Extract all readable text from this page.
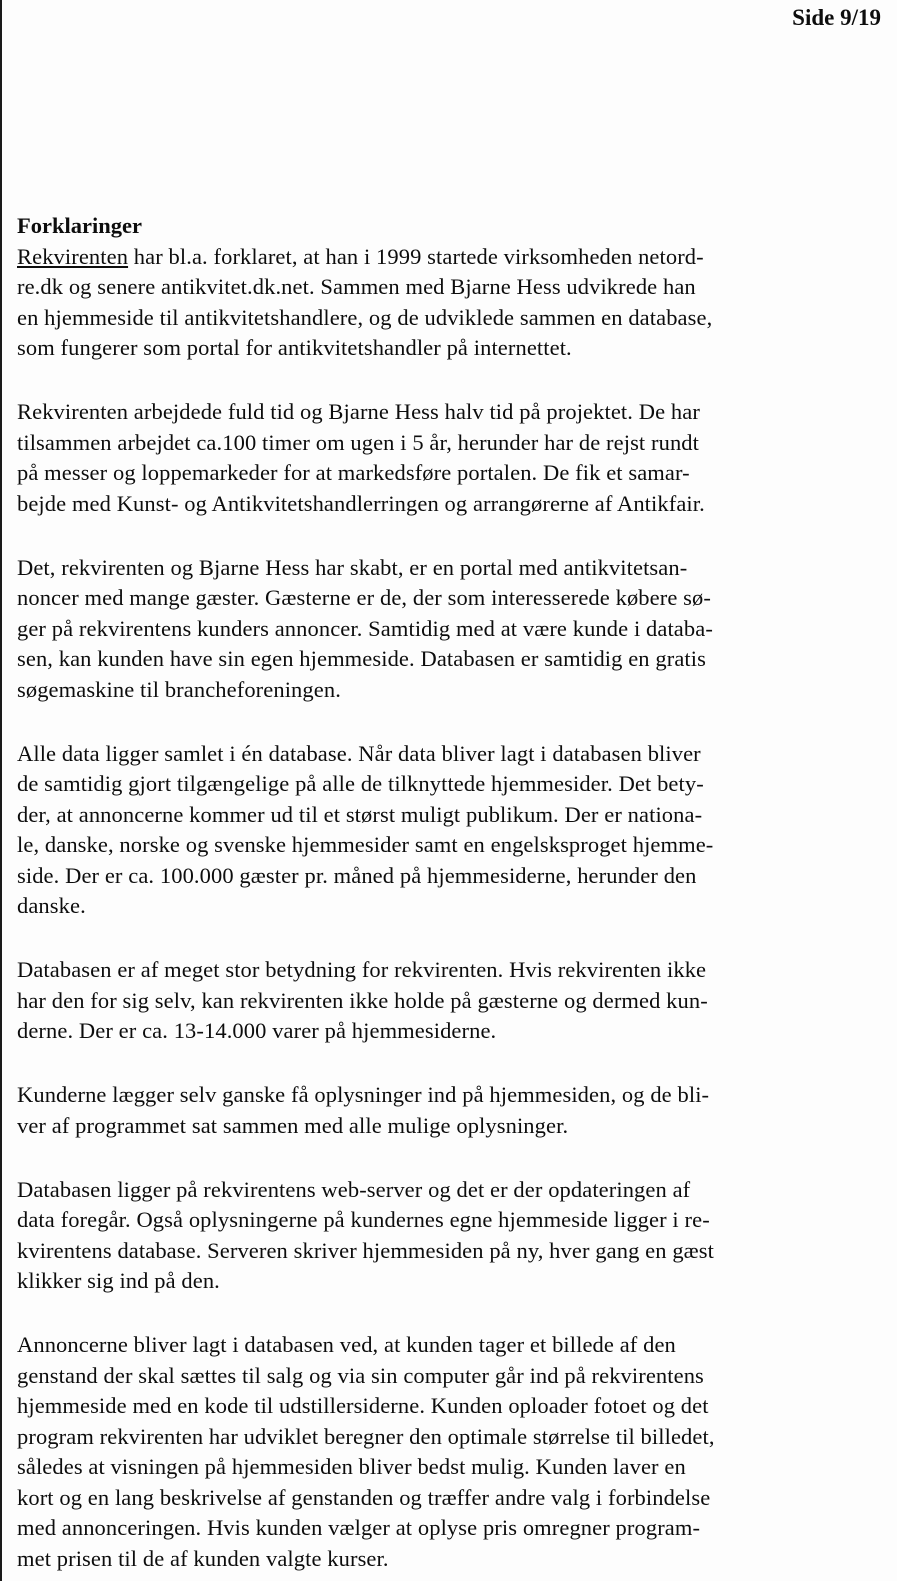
Side 9/19
Forklaringer

Rekvirenten har bl.a. forklaret, at han i 1999 startede virksomheden netord-
re.dk og senere antikvitet.dk.net. Sammen med Bjarne Hess udvikrede han
en hjemmeside til antikvitetshandlere, og de udviklede sammen en database,
som fungerer som portal for antikvitetshandler på internettet.

Rekvirenten arbejdede fuld tid og Bjarne Hess halv tid på projektet. De har
tilsammen arbejdet ca.100 timer om ugen i 5 år, herunder har de rejst rundt
på messer og loppemarkeder for at markedsføre portalen. De fik et samar-
bejde med Kunst- og Antikvitetshandlerringen og arrangørerne af Antikfair.

Det, rekvirenten og Bjarne Hess har skabt, er en portal med antikvitetsan-
noncer med mange gæster. Gæsterne er de, der som interesserede købere sø-
ger på rekvirentens kunders annoncer. Samtidig med at være kunde i databa-
sen, kan kunden have sin egen hjemmeside. Databasen er samtidig en gratis
søgemaskine til brancheforeningen.

Alle data ligger samlet i én database. Når data bliver lagt i databasen bliver
de samtidig gjort tilgængelige på alle de tilknyttede hjemmesider. Det bety-
der, at annoncerne kommer ud til et størst muligt publikum. Der er nationa-
le, danske, norske og svenske hjemmesider samt en engelsksproget hjemme-
side. Der er ca. 100.000 gæster pr. måned på hjemmesiderne, herunder den
danske.

Databasen er af meget stor betydning for rekvirenten. Hvis rekvirenten ikke
har den for sig selv, kan rekvirenten ikke holde på gæsterne og dermed kun-
derne. Der er ca. 13-14.000 varer på hjemmesiderne.

Kunderne lægger selv ganske få oplysninger ind på hjemmesiden, og de bli-
ver af programmet sat sammen med alle mulige oplysninger.

Databasen ligger på rekvirentens web-server og det er der opdateringen af
data foregår. Også oplysningerne på kundernes egne hjemmeside ligger i re-
kvirentens database. Serveren skriver hjemmesiden på ny, hver gang en gæst
klikker sig ind på den.

Annoncerne bliver lagt i databasen ved, at kunden tager et billede af den
genstand der skal sættes til salg og via sin computer går ind på rekvirentens
hjemmeside med en kode til udstillersiderne. Kunden oploader fotoet og det
program rekvirenten har udviklet beregner den optimale størrelse til billedet,
således at visningen på hjemmesiden bliver bedst mulig. Kunden laver en
kort og en lang beskrivelse af genstanden og træffer andre valg i forbindelse
med annonceringen. Hvis kunden vælger at oplyse pris omregner program-
met prisen til de af kunden valgte kurser.
